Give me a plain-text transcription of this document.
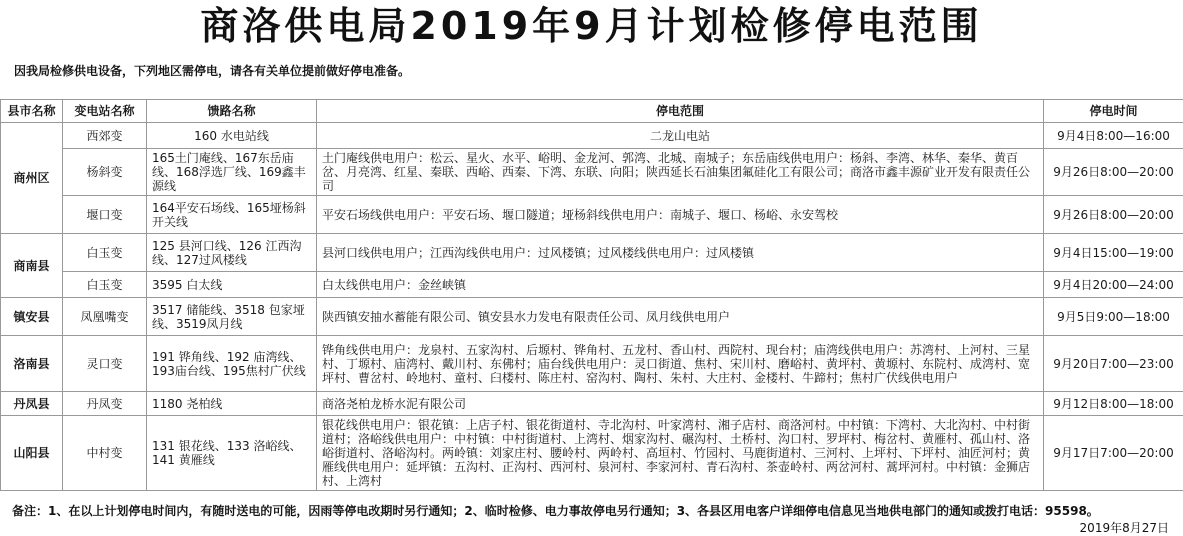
商洛供电局2019年9月计划检修停电范围
因我局检修供电设备，下列地区需停电，请各有关单位提前做好停电准备。
县市名称	变电站名称	馈路名称	停电范围	停电时间
商州区	西郊变	160 水电站线	二龙山电站	9月4日8:00—16:00
	杨斜变	165土门庵线、167东岳庙线、168浮选厂线、169鑫丰源线	土门庵线供电用户：松云、星火、水平、峪明、金龙河、郭湾、北城、南城子；东岳庙线供电用户：杨斜、李湾、林华、秦华、黄百岔、月亮湾、红星、秦联、西峪、西秦、下湾、东联、向阳；陕西延长石油集团氟硅化工有限公司；商洛市鑫丰源矿业开发有限责任公司	9月26日8:00—20:00
	堰口变	164平安石场线、165垭杨斜开关线	平安石场线供电用户：平安石场、堰口隧道；垭杨斜线供电用户：南城子、堰口、杨峪、永安驾校	9月26日8:00—20:00
商南县	白玉变	125 县河口线、126 江西沟线、127过风楼线	县河口线供电用户；江西沟线供电用户：过风楼镇；过风楼线供电用户：过风楼镇	9月4日15:00—19:00
	白玉变	3595 白太线	白太线供电用户：金丝峡镇	9月4日20:00—24:00
镇安县	凤凰嘴变	3517 储能线、3518 包家垭线、3519凤月线	陕西镇安抽水蓄能有限公司、镇安县水力发电有限责任公司、凤月线供电用户	9月5日9:00—18:00
洛南县	灵口变	191 铧角线、192 庙湾线、193庙台线、195焦村广伏线	铧角线供电用户：龙泉村、五家沟村、后塬村、铧角村、五龙村、香山村、西院村、现台村；庙湾线供电用户：苏湾村、上河村、三星村、丁塬村、庙湾村、戴川村、东佛村；庙台线供电用户：灵口街道、焦村、宋川村、磨峪村、黄坪村、黄塬村、东院村、成湾村、宽坪村、曹岔村、岭地村、童村、臼楼村、陈庄村、窑沟村、陶村、朱村、大庄村、金楼村、牛蹄村；焦村广伏线供电用户	9月20日7:00—23:00
丹凤县	丹凤变	1180 尧柏线	商洛尧柏龙桥水泥有限公司	9月12日8:00—18:00
山阳县	中村变	131 银花线、133 洛峪线、141 黄雁线	银花线供电用户：银花镇：上店子村、银花街道村、寺北沟村、叶家湾村、湘子店村、商洛河村。中村镇：下湾村、大北沟村、中村街道村；洛峪线供电用户：中村镇：中村街道村、上湾村、烟家沟村、碾沟村、土桥村、沟口村、罗坪村、梅岔村、黄雁村、孤山村、洛峪街道村、洛峪沟村。两岭镇：刘家庄村、腰岭村、两岭村、高垣村、竹园村、马鹿街道村、三河村、上坪村、下坪村、油匠河村；黄雁线供电用户：延坪镇：五沟村、正沟村、西河村、泉河村、李家河村、青石沟村、茶壶岭村、两岔河村、蒿坪河村。中村镇：金狮店村、上湾村	9月17日7:00—20:00
备注：1、在以上计划停电时间内，有随时送电的可能，因雨等停电改期时另行通知；2、临时检修、电力事故停电另行通知；3、各县区用电客户详细停电信息见当地供电部门的通知或拨打电话：95598。
2019年8月27日
